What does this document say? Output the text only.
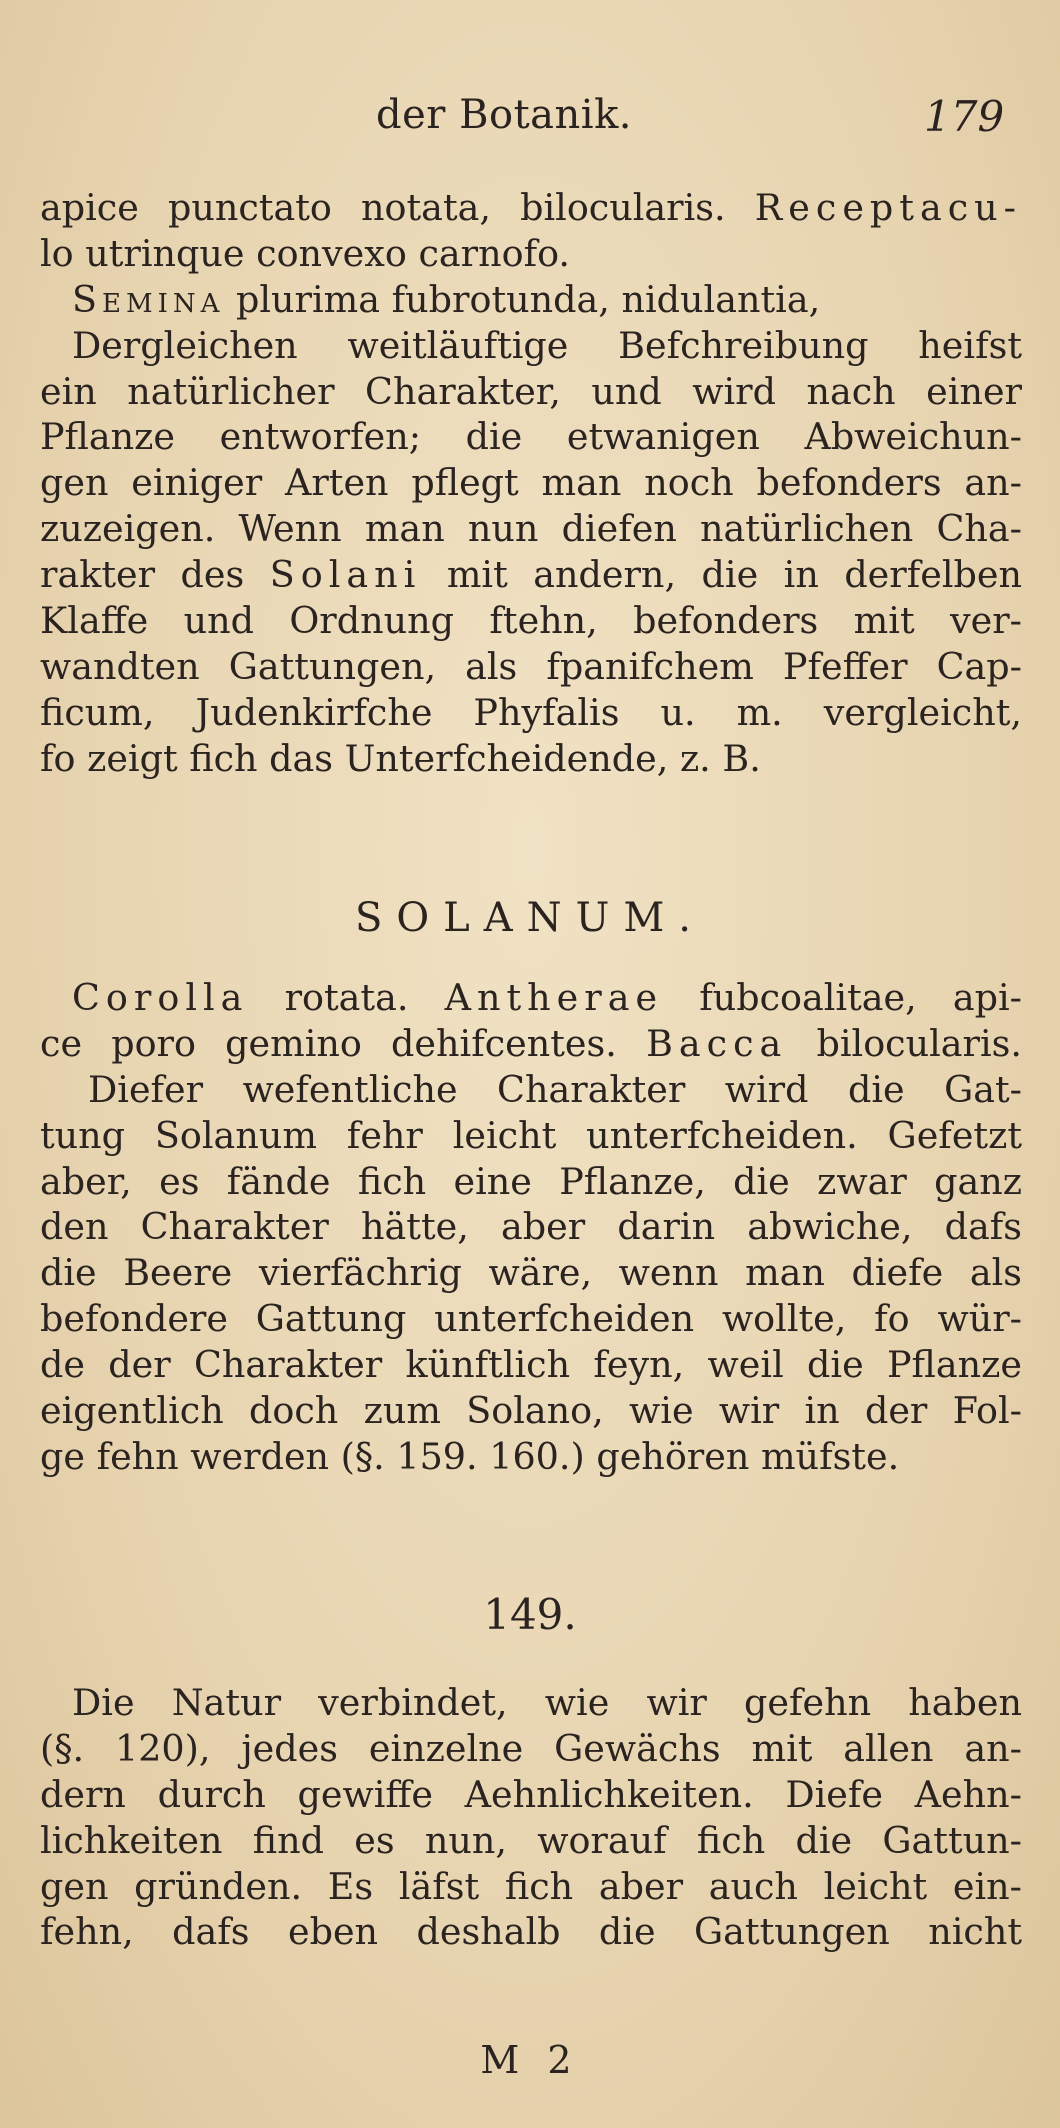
der Botanik.	179
apice punctato notata, bilocularis. Receptacu-
lo utrinque convexo carnofo.
Semina plurima fubrotunda, nidulantia,
Dergleichen weitläuftige Befchreibung heifst
ein natürlicher Charakter, und wird nach einer
Pflanze entworfen; die etwanigen Abweichun-
gen einiger Arten pflegt man noch befonders an-
zuzeigen. Wenn man nun diefen natürlichen Cha-
rakter des Solani mit andern, die in derfelben
Klaffe und Ordnung ftehn, befonders mit ver-
wandten Gattungen, als fpanifchem Pfeffer Cap-
ficum, Judenkirfche Phyfalis u. m. vergleicht,
fo zeigt fich das Unterfcheidende, z. B.
SOLANUM.
Corolla rotata. Antherae fubcoalitae, api-
ce poro gemino dehifcentes. Bacca bilocularis.
Diefer wefentliche Charakter wird die Gat-
tung Solanum fehr leicht unterfcheiden. Gefetzt
aber, es fände fich eine Pflanze, die zwar ganz
den Charakter hätte, aber darin abwiche, dafs
die Beere vierfächrig wäre, wenn man diefe als
befondere Gattung unterfcheiden wollte, fo wür-
de der Charakter künftlich feyn, weil die Pflanze
eigentlich doch zum Solano, wie wir in der Fol-
ge fehn werden (§. 159. 160.) gehören müfste.
149.
Die Natur verbindet, wie wir gefehn haben
(§. 120), jedes einzelne Gewächs mit allen an-
dern durch gewiffe Aehnlichkeiten. Diefe Aehn-
lichkeiten find es nun, worauf fich die Gattun-
gen gründen. Es läfst fich aber auch leicht ein-
fehn, dafs eben deshalb die Gattungen nicht
M 2
